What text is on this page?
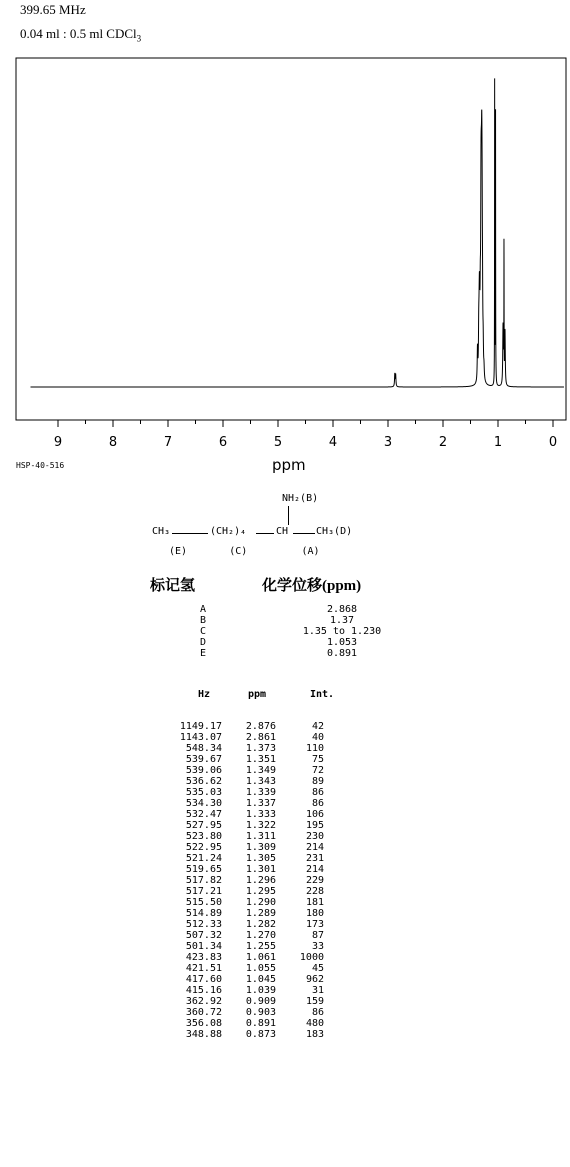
399.65 MHz
0.04 ml : 0.5 ml CDCl$_3$
9	8	7	6	5	4	3	2	1	0
HSP-40-516	ppm
NH₂(B)
CH₃	(CH₂)₄	CH	CH₃(D)
(E)       (C)         (A)
标记氢	化学位移(ppm)
A	2.868
B	1.37
C	1.35 to 1.230
D	1.053
E	0.891
Hz	ppm	Int.
1149.17	2.876	42
1143.07	2.861	40
548.34	1.373	110
539.67	1.351	75
539.06	1.349	72
536.62	1.343	89
535.03	1.339	86
534.30	1.337	86
532.47	1.333	106
527.95	1.322	195
523.80	1.311	230
522.95	1.309	214
521.24	1.305	231
519.65	1.301	214
517.82	1.296	229
517.21	1.295	228
515.50	1.290	181
514.89	1.289	180
512.33	1.282	173
507.32	1.270	87
501.34	1.255	33
423.83	1.061	1000
421.51	1.055	45
417.60	1.045	962
415.16	1.039	31
362.92	0.909	159
360.72	0.903	86
356.08	0.891	480
348.88	0.873	183
